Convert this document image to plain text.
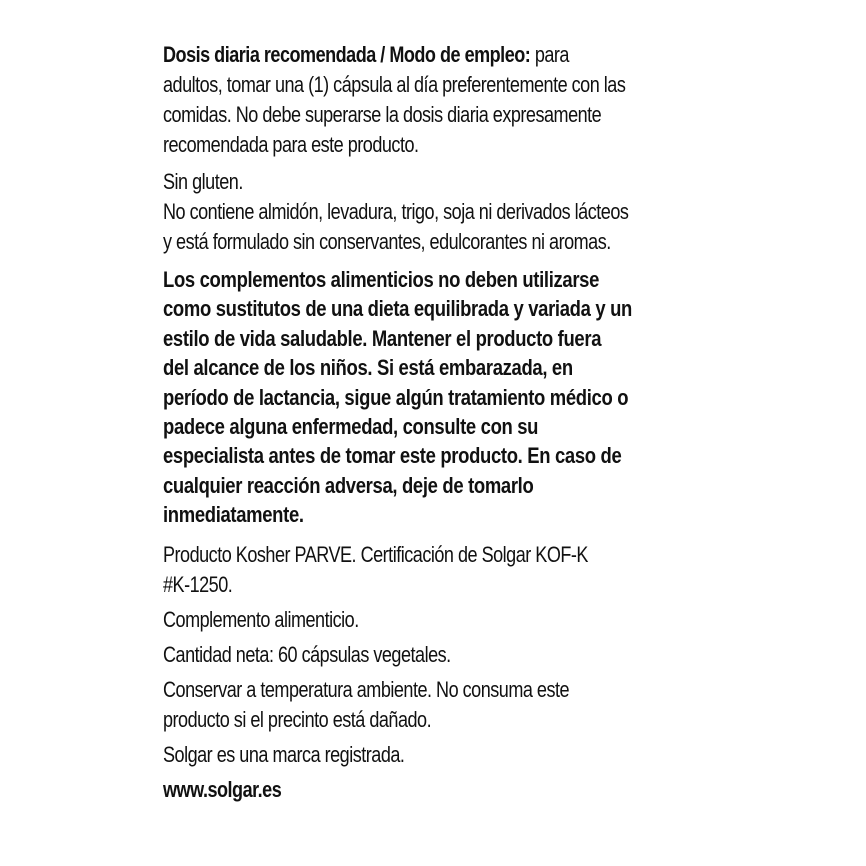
Dosis diaria recomendada / Modo de empleo: para
adultos, tomar una (1) cápsula al día preferentemente con las
comidas. No debe superarse la dosis diaria expresamente
recomendada para este producto.
Sin gluten.
No contiene almidón, levadura, trigo, soja ni derivados lácteos
y está formulado sin conservantes, edulcorantes ni aromas.
Los complementos alimenticios no deben utilizarse
como sustitutos de una dieta equilibrada y variada y un
estilo de vida saludable. Mantener el producto fuera
del alcance de los niños. Si está embarazada, en
período de lactancia, sigue algún tratamiento médico o
padece alguna enfermedad, consulte con su
especialista antes de tomar este producto. En caso de
cualquier reacción adversa, deje de tomarlo
inmediatamente.
Producto Kosher PARVE. Certificación de Solgar KOF-K
#K-1250.
Complemento alimenticio.
Cantidad neta: 60 cápsulas vegetales.
Conservar a temperatura ambiente. No consuma este
producto si el precinto está dañado.
Solgar es una marca registrada.
www.solgar.es
